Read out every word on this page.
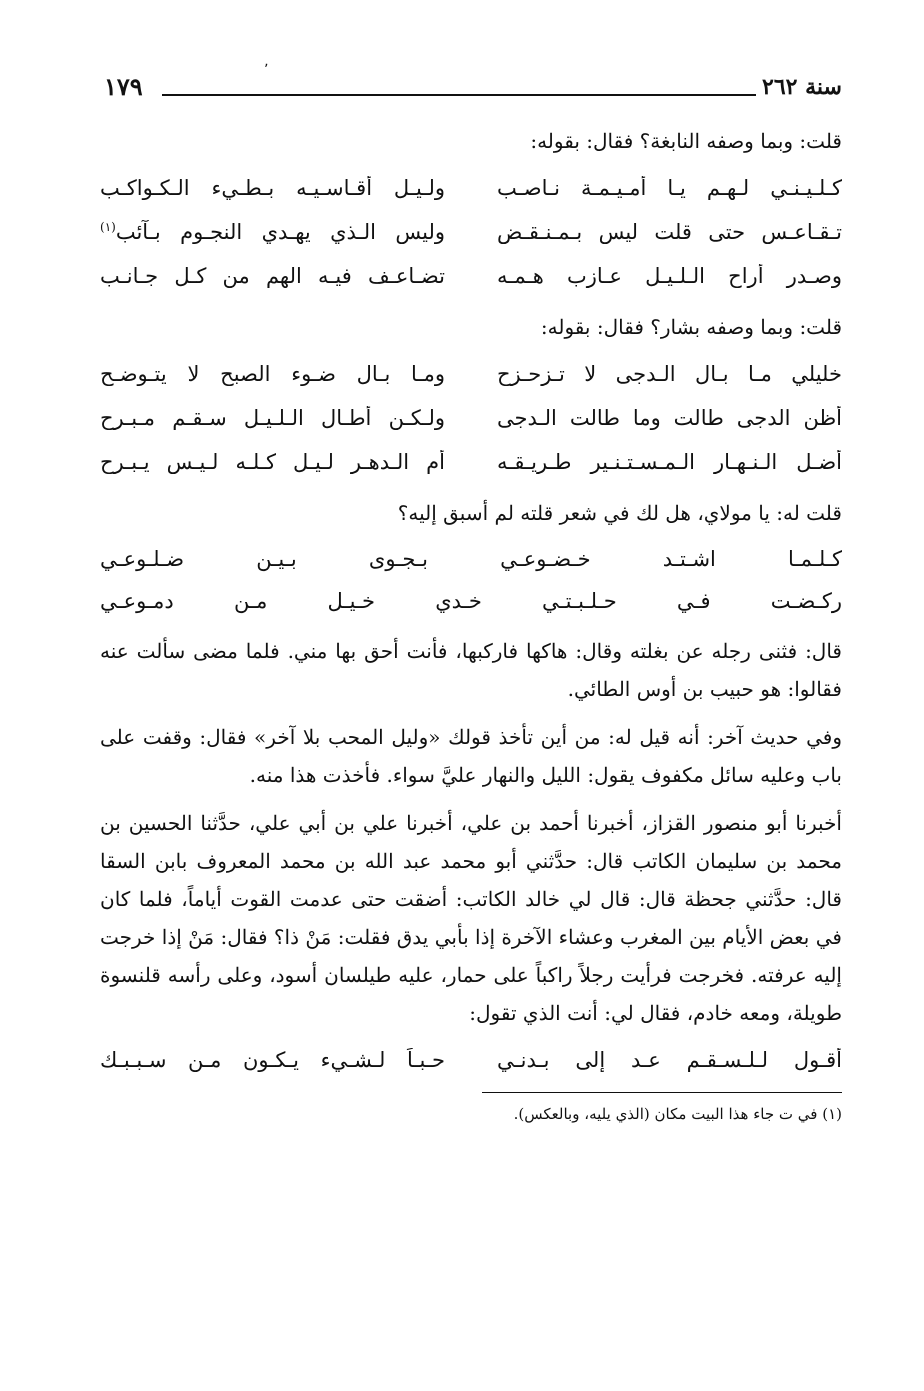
سنة ٢٦٢
٬
١٧٩

قلت: وبما وصفه النابغة؟ فقال: بقوله:

كـلـيـنـي لـهـم يـا أمـيـمـة نـاصـب
ولـيـل أقـاسـيـه بـطـيء الـكـواكـب
تـقـاعـس حتى قلت ليس بـمـنـقـض
وليس الـذي يهـدي النجـوم بـآئب$^{(١)}$
وصـدر أراح الـلـيـل عـازب هـمـه
تضـاعـف فيـه الهم من كـل جـانـب

قلت: وبما وصفه بشار؟ فقال: بقوله:

خليلي مـا بـال الـدجى لا تـزحـزح
ومـا بـال ضـوء الصبح لا يتـوضـح
أظن الدجى طالت وما طالت الـدجى
ولـكـن أطـال الـلـيـل سـقـم مـبـرح
أضـل الـنـهـار الـمـسـتـنـير طـريـقـه
أم الـدهـر لـيـل كـلـه لـيـس يـبـرح

قلت له: يا مولاي، هل لك في شعر قلته لم أسبق إليه؟

كـلـمـا اشـتـد خـضـوعـي بـجـوى بـيـن ضـلـوعـي
ركـضـت فـي حـلـبـتـي خـدي خـيـل مـن دمـوعـي

قال: فثنى رجله عن بغلته وقال: هاكها فاركبها، فأنت أحق بها مني. فلما مضى سألت عنه فقالوا: هو حبيب بن أوس الطائي.

وفي حديث آخر: أنه قيل له: من أين تأخذ قولك «وليل المحب بلا آخر» فقال: وقفت على باب وعليه سائل مكفوف يقول: الليل والنهار عليَّ سواء. فأخذت هذا منه.

أخبرنا أبو منصور القزاز، أخبرنا أحمد بن علي، أخبرنا علي بن أبي علي، حدَّثنا الحسين بن محمد بن سليمان الكاتب قال: حدَّثني أبو محمد عبد الله بن محمد المعروف بابن السقا قال: حدَّثني جحظة قال: قال لي خالد الكاتب: أضقت حتى عدمت القوت أياماً، فلما كان في بعض الأيام بين المغرب وعشاء الآخرة إذا بأبي يدق فقلت: مَنْ ذا؟ فقال: مَنْ إذا خرجت إليه عرفته. فخرجت فرأيت رجلاً راكباً على حمار، عليه طيلسان أسود، وعلى رأسه قلنسوة طويلة، ومعه خادم، فقال لي: أنت الذي تقول:

أقـول لـلـسـقـم عـد إلى بـدنـي
حـبـاً لـشـيء يـكـون مـن سـبـبـك
(١) في ت جاء هذا البيت مكان (الذي يليه، وبالعكس).
